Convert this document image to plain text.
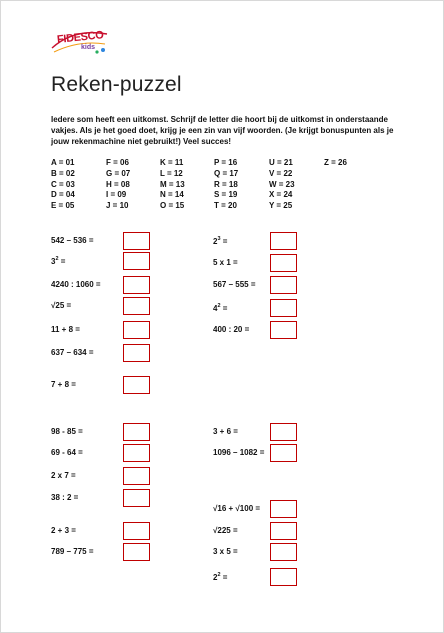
FIDESCO
kids
Reken-puzzel
Iedere som heeft een uitkomst. Schrijf de letter die hoort bij de uitkomst in onderstaande vakjes. Als je het goed doet, krijg je een zin van vijf woorden. (Je krijgt bonuspunten als je jouw rekenmachine niet gebruikt!) Veel succes!
A = 01
B = 02
C = 03
D = 04
E = 05
F = 06
G = 07
H = 08
I = 09
J = 10
K = 11
L = 12
M = 13
N = 14
O = 15
P = 16
Q = 17
R = 18
S = 19
T = 20
U = 21
V = 22
W = 23
X = 24
Y = 25
Z = 26
542 – 536 =
$3^2$ =
4240 : 1060 =
√25 =
11 + 8 =
637 – 634 =
7 + 8 =
98 - 85 =
69 - 64 =
2 x 7 =
38 : 2 =
2 + 3 =
789 – 775 =
$2^3$ =
5 x 1 =
567 – 555 =
$4^2$ =
400 : 20 =
3 + 6 =
1096 – 1082 =
√16 + √100 =
√225 =
3 x 5 =
$2^2$ =
